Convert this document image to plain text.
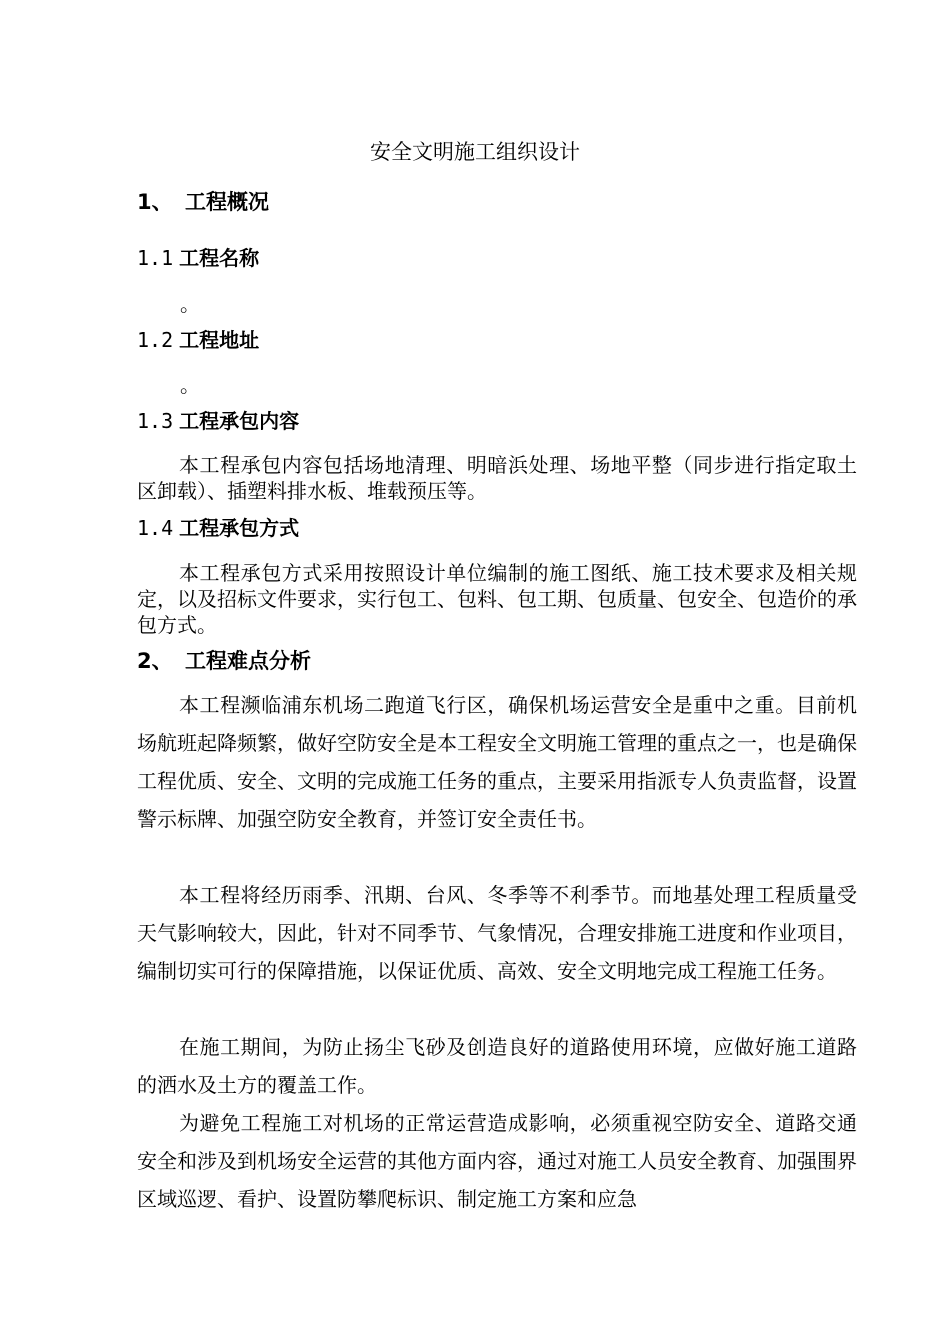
安全文明施工组织设计
1、 工程概况
1.1 工程名称

。

1.2 工程地址

。

1.3 工程承包内容

本工程承包内容包括场地清理、明暗浜处理、场地平整（同步进行指定取土区卸载）、插塑料排水板、堆载预压等。

1.4 工程承包方式

本工程承包方式采用按照设计单位编制的施工图纸、施工技术要求及相关规定，以及招标文件要求，实行包工、包料、包工期、包质量、包安全、包造价的承包方式。

2、 工程难点分析

本工程濒临浦东机场二跑道飞行区，确保机场运营安全是重中之重。目前机场航班起降频繁，做好空防安全是本工程安全文明施工管理的重点之一，也是确保工程优质、安全、文明的完成施工任务的重点，主要采用指派专人负责监督，设置警示标牌、加强空防安全教育，并签订安全责任书。

本工程将经历雨季、汛期、台风、冬季等不利季节。而地基处理工程质量受天气影响较大，因此，针对不同季节、气象情况，合理安排施工进度和作业项目，编制切实可行的保障措施，以保证优质、高效、安全文明地完成工程施工任务。

在施工期间，为防止扬尘飞砂及创造良好的道路使用环境，应做好施工道路的洒水及土方的覆盖工作。

为避免工程施工对机场的正常运营造成影响，必须重视空防安全、道路交通安全和涉及到机场安全运营的其他方面内容，通过对施工人员安全教育、加强围界区域巡逻、看护、设置防攀爬标识、制定施工方案和应急
